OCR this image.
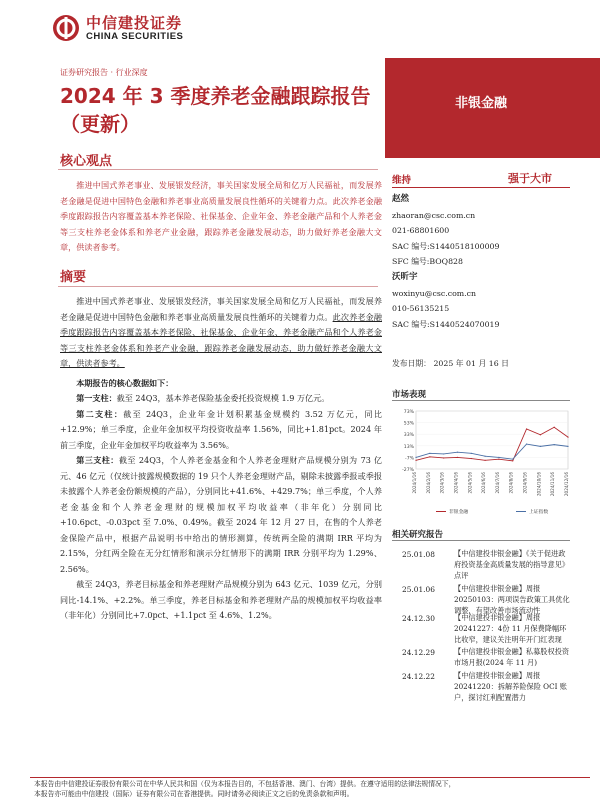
中信建投证券
CHINA SECURITIES
证券研究报告 · 行业深度
2024 年 3 季度养老金融跟踪报告（更新）
非银金融
核心观点
推进中国式养老事业、发展银发经济，事关国家发展全局和亿万人民福祉，而发展养老金融是促进中国特色金融和养老事业高质量发展良性循环的关键着力点。此次养老金融季度跟踪报告内容覆盖基本养老保险、社保基金、企业年金、养老金融产品和个人养老金等三支柱养老金体系和养老产业金融，跟踪养老金融发展动态，助力做好养老金融大文章，供读者参考。
摘要

推进中国式养老事业、发展银发经济，事关国家发展全局和亿万人民福祉，而发展养老金融是促进中国特色金融和养老事业高质量发展良性循环的关键着力点。此次养老金融季度跟踪报告内容覆盖基本养老保险、社保基金、企业年金、养老金融产品和个人养老金等三支柱养老金体系和养老产业金融，跟踪养老金融发展动态，助力做好养老金融大文章，供读者参考。

本期报告的核心数据如下：

第一支柱：截至 24Q3，基本养老保险基金委托投资规模 1.9 万亿元。

第二支柱：截至 24Q3，企业年金计划积累基金规模约 3.52 万亿元，同比+12.9%；单三季度，企业年金加权平均投资收益率 1.56%，同比+1.81pct。2024 年前三季度，企业年金加权平均收益率为 3.56%。

第三支柱：截至 24Q3，个人养老金基金和个人养老金理财产品规模分别为 73 亿元、46 亿元（仅统计披露规模数据的 19 只个人养老金理财产品，剔除未披露季报或季报未披露个人养老金份额规模的产品），分别同比+41.6%、+429.7%；单三季度，个人养老金基金和个人养老金理财的规模加权平均收益率（非年化）分别同比+10.6pct、-0.03pct 至 7.0%、0.49%。截至 2024 年 12 月 27 日，在售的个人养老金保险产品中，根据产品说明书中给出的情形测算，传统两全险的满期 IRR 平均为 2.15%，分红两全险在无分红情形和演示分红情形下的满期 IRR 分别平均为 1.29%、2.56%。

截至 24Q3，养老目标基金和养老理财产品规模分别为 643 亿元、1039 亿元，分别同比-14.1%、+2.2%。单三季度，养老目标基金和养老理财产品的规模加权平均收益率（非年化）分别同比+7.0pct、+1.1pct 至 4.6%、1.2%。

维持	强于大市
赵然
zhaoran@csc.com.cn
021-68801600
SAC 编号:S1440518100009
SFC 编号:BOQ828
沃昕宇
woxinyu@csc.com.cn
010-56135215
SAC 编号:S1440524070019
发布日期： 2025 年 01 月 16 日
市场表现
73%
53%
33%
13%
-7%
-27%
2024/1/16 2024/2/16 2024/3/16 2024/4/16 2024/5/16 2024/6/16 2024/7/16 2024/8/16 2024/9/16 2024/10/16 2024/11/16 2024/12/16
非银金融	上证指数
相关研究报告
25.01.08	【中信建投非银金融】《关于促进政府投资基金高质量发展的指导意见》点评
25.01.06	【中信建投非银金融】周报20250103：两项误告政策工具优化调整，有望改善市场流动性
24.12.30	【中信建投非银金融】周报20241227：4份 11 月保费降幅环比收窄，建议关注明年开门红表现
24.12.29	【中信建投非银金融】私募股权投资市场月报(2024 年 11 月)
24.12.22	【中信建投非银金融】周报20241220：拆解养险保险 OCI 账户，探讨红利配置潜力
本报告由中信建投证券股份有限公司在中华人民共和国（仅为本报告目的，不包括香港、澳门、台湾）提供。在遵守适用的法律法规情况下，
本报告亦可能由中信建投（国际）证券有限公司在香港提供。同时请务必阅读正文之后的免责条款和声明。
